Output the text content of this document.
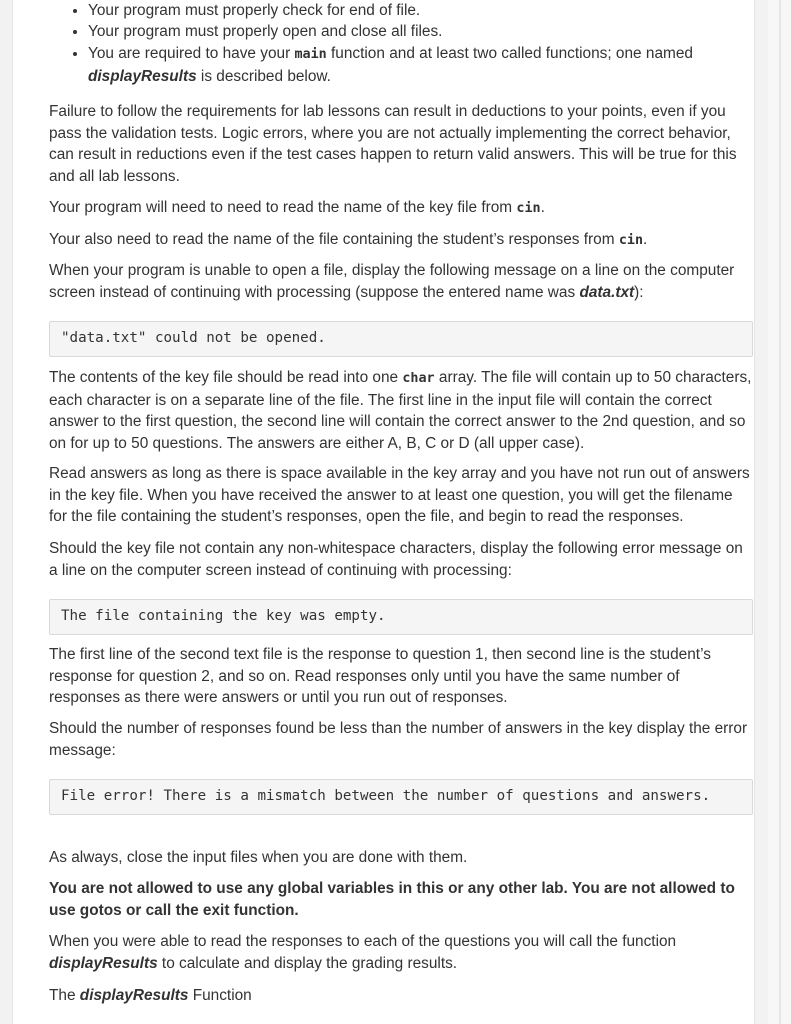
• Your program must properly check for end of file.
• Your program must properly open and close all files.
• You are required to have your main function and at least two called functions; one named displayResults is described below.

Failure to follow the requirements for lab lessons can result in deductions to your points, even if you pass the validation tests. Logic errors, where you are not actually implementing the correct behavior, can result in reductions even if the test cases happen to return valid answers. This will be true for this and all lab lessons.

Your program will need to need to read the name of the key file from cin.

Your also need to read the name of the file containing the student’s responses from cin.

When your program is unable to open a file, display the following message on a line on the computer screen instead of continuing with processing (suppose the entered name was data.txt):

"data.txt" could not be opened.

The contents of the key file should be read into one char array. The file will contain up to 50 characters, each character is on a separate line of the file. The first line in the input file will contain the correct answer to the first question, the second line will contain the correct answer to the 2nd question, and so on for up to 50 questions. The answers are either A, B, C or D (all upper case).

Read answers as long as there is space available in the key array and you have not run out of answers in the key file. When you have received the answer to at least one question, you will get the filename for the file containing the student’s responses, open the file, and begin to read the responses.

Should the key file not contain any non-whitespace characters, display the following error message on a line on the computer screen instead of continuing with processing:

The file containing the key was empty.

The first line of the second text file is the response to question 1, then second line is the student’s response for question 2, and so on. Read responses only until you have the same number of responses as there were answers or until you run out of responses.

Should the number of responses found be less than the number of answers in the key display the error message:

File error! There is a mismatch between the number of questions and answers.

As always, close the input files when you are done with them.

You are not allowed to use any global variables in this or any other lab. You are not allowed to use gotos or call the exit function.

When you were able to read the responses to each of the questions you will call the function displayResults to calculate and display the grading results.

The displayResults Function
